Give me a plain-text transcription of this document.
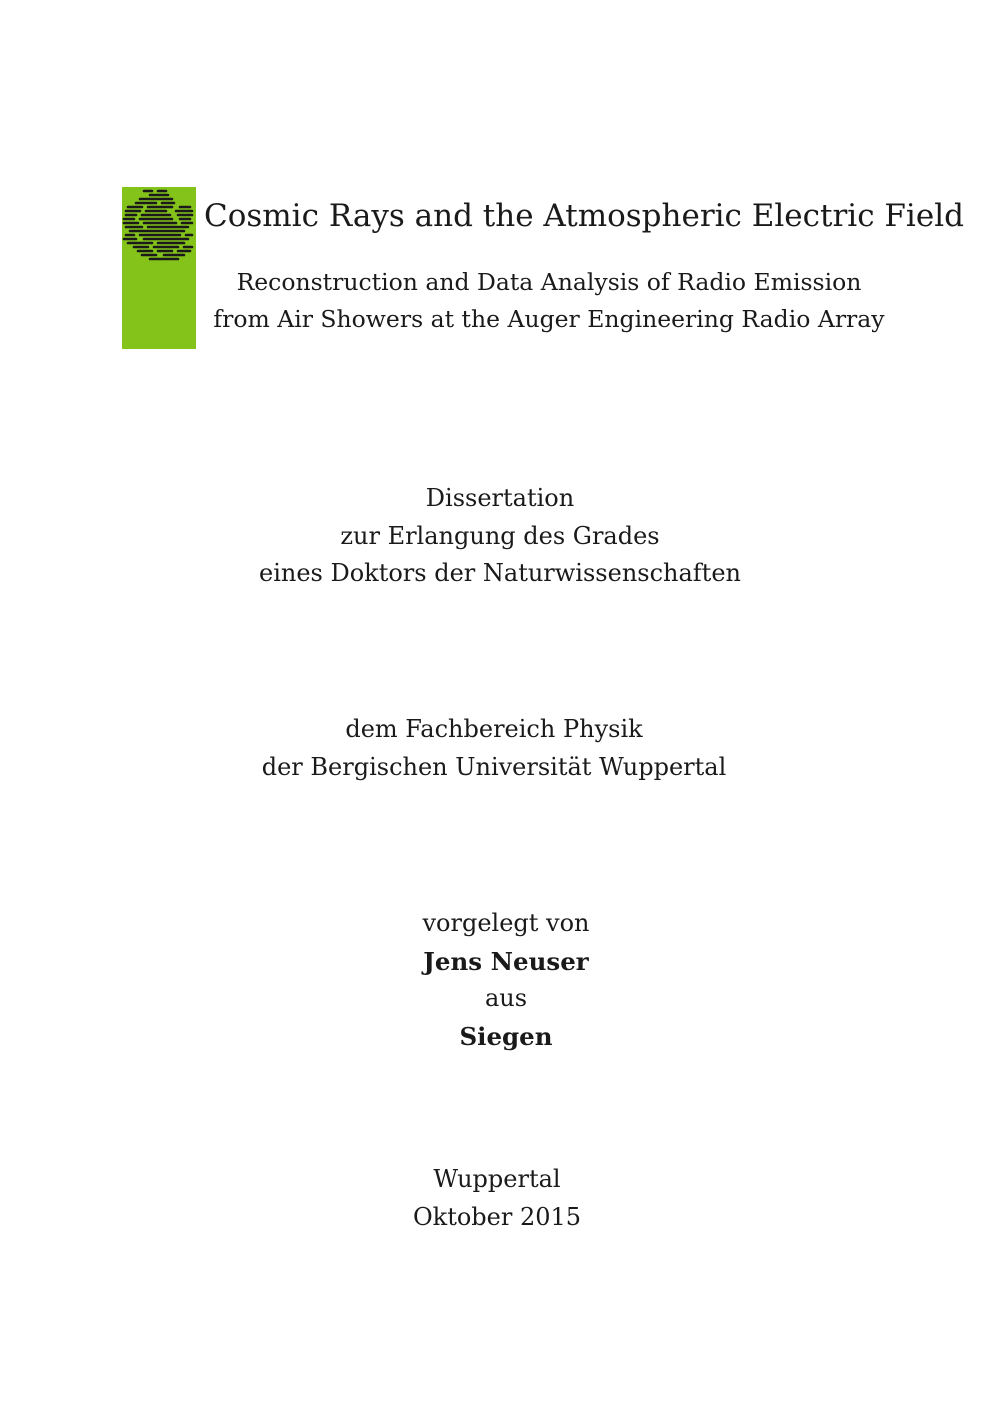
Cosmic Rays and the Atmospheric Electric Field
Reconstruction and Data Analysis of Radio Emission
from Air Showers at the Auger Engineering Radio Array
Dissertation
zur Erlangung des Grades
eines Doktors der Naturwissenschaften
dem Fachbereich Physik
der Bergischen Universität Wuppertal
vorgelegt von
Jens Neuser
aus
Siegen
Wuppertal
Oktober 2015
